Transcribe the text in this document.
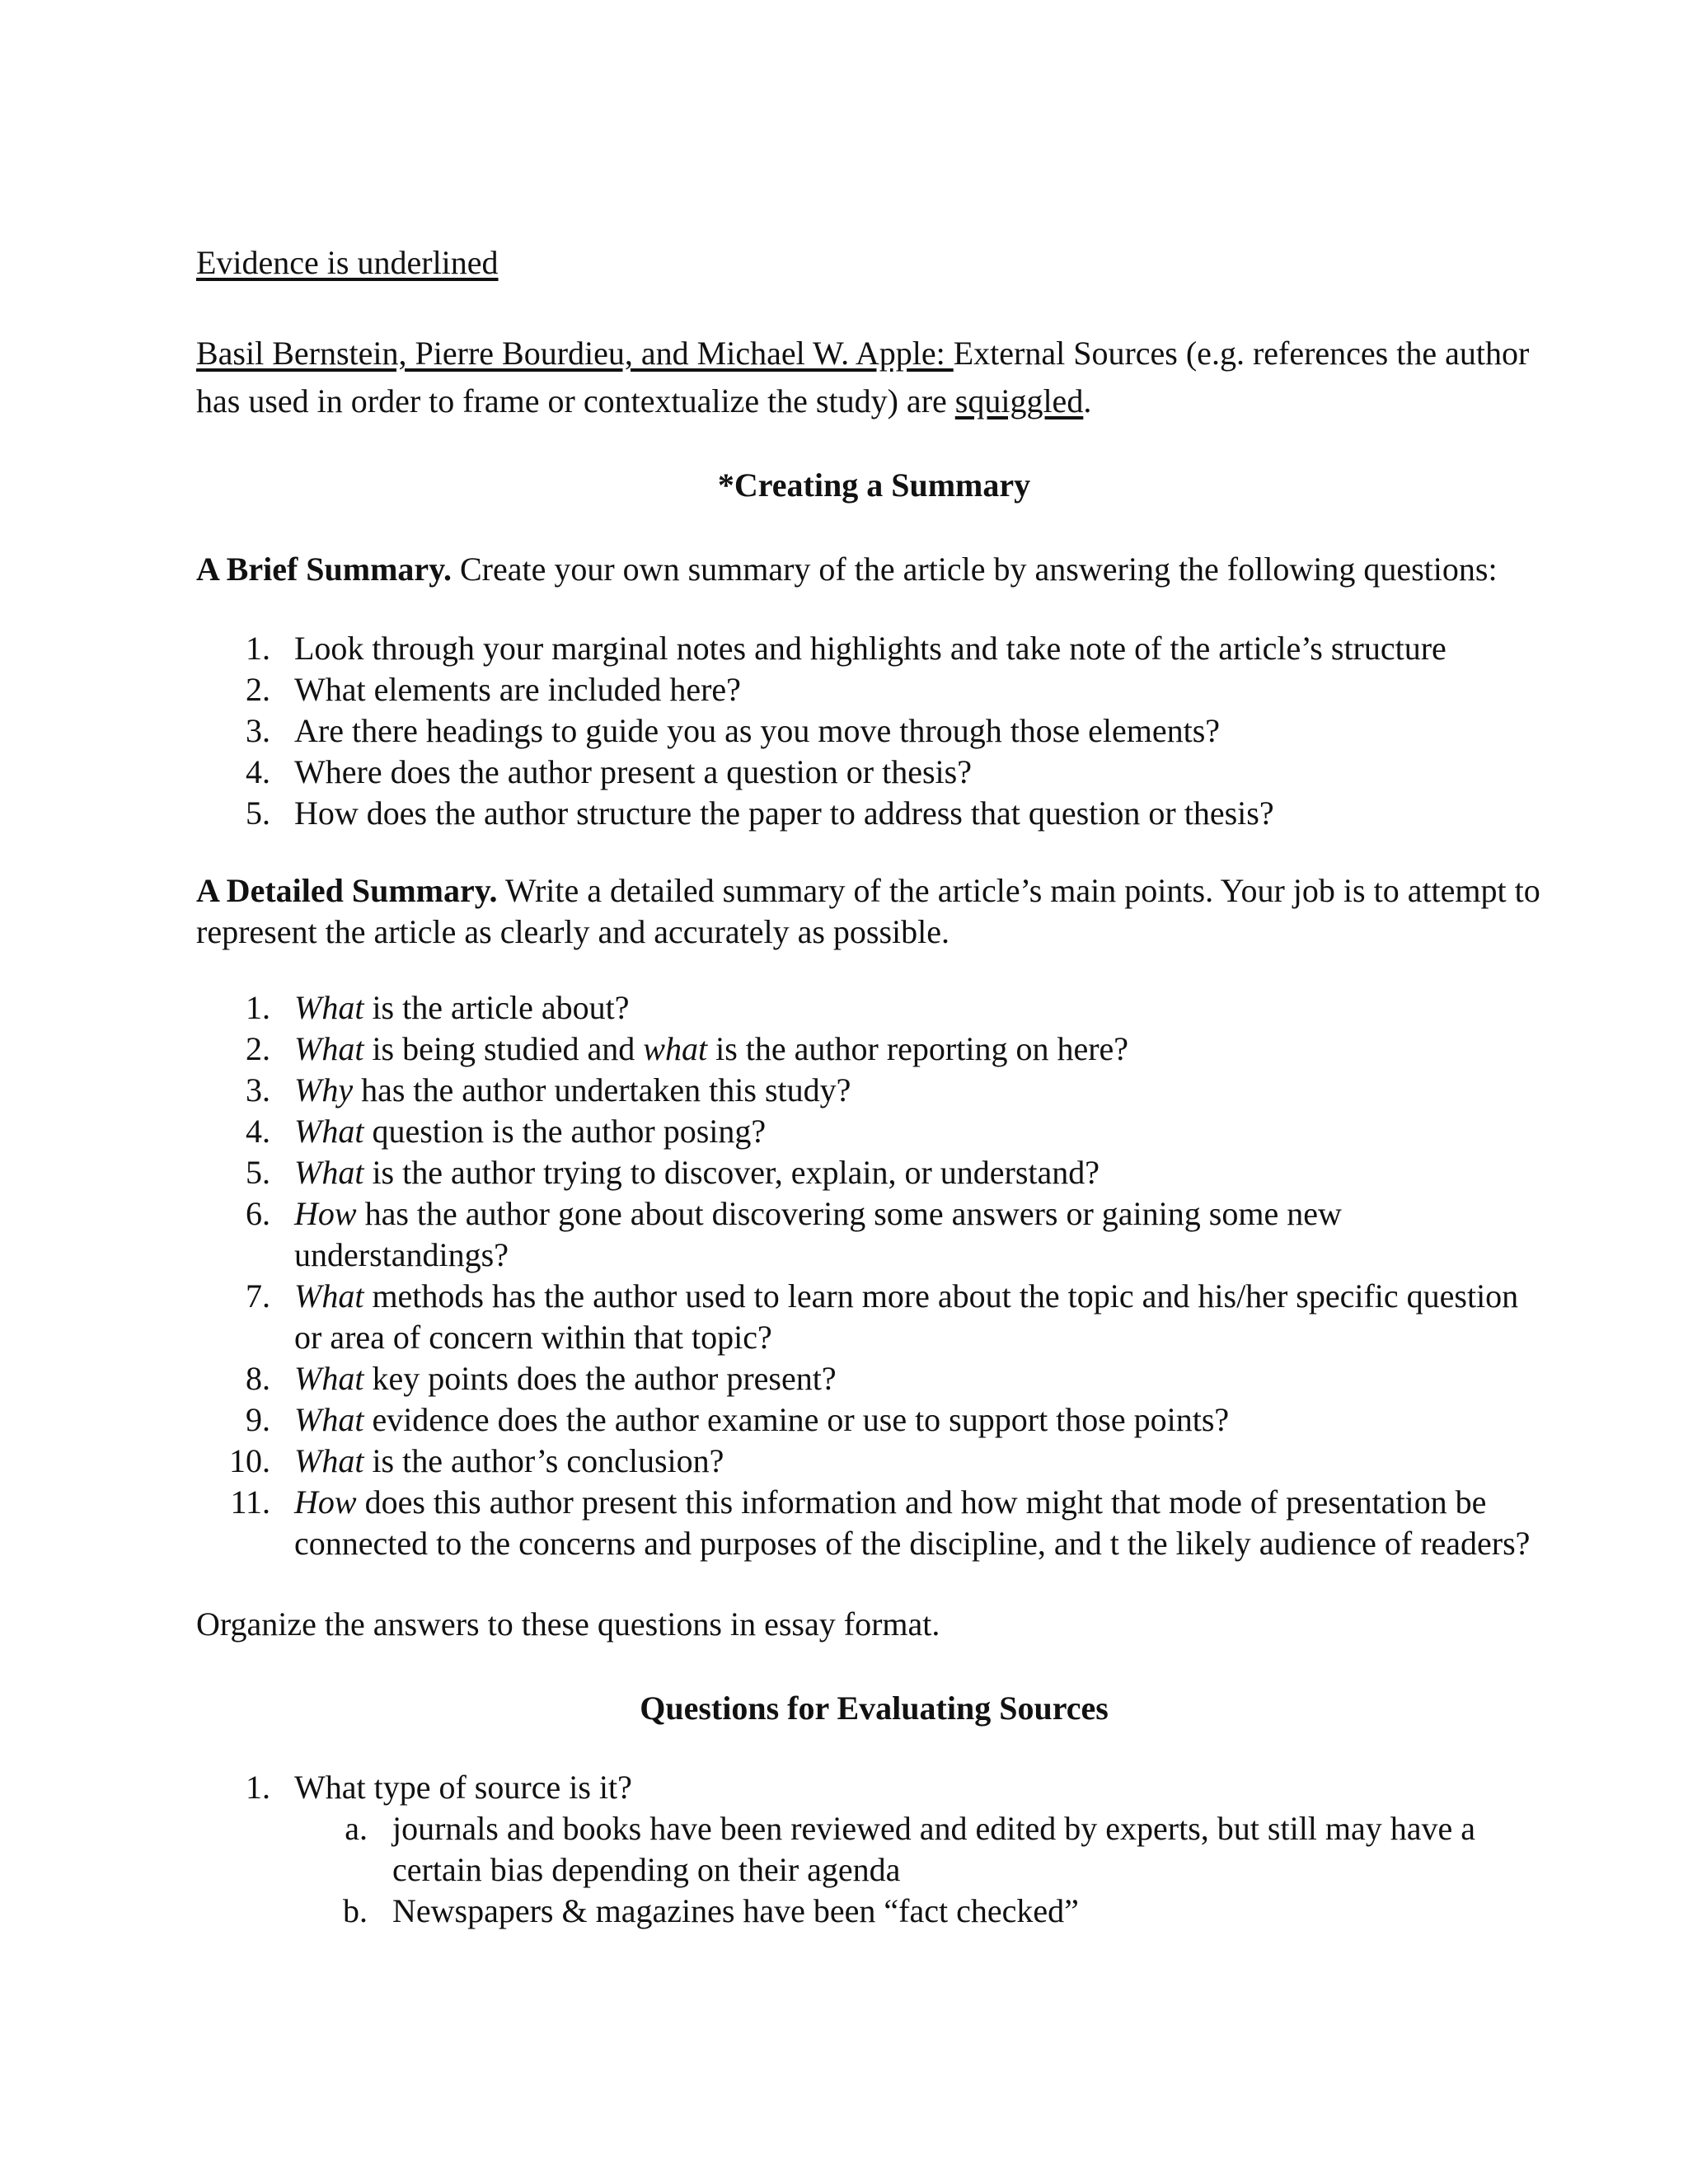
Evidence is underlined

Basil Bernstein, Pierre Bourdieu, and Michael W. Apple: External Sources (e.g. references the author has used in order to frame or contextualize the study) are squiggled.

*Creating a Summary

A Brief Summary. Create your own summary of the article by answering the following questions:

1. Look through your marginal notes and highlights and take note of the article’s structure
2. What elements are included here?
3. Are there headings to guide you as you move through those elements?
4. Where does the author present a question or thesis?
5. How does the author structure the paper to address that question or thesis?

A Detailed Summary. Write a detailed summary of the article’s main points. Your job is to attempt to represent the article as clearly and accurately as possible.

1. What is the article about?
2. What is being studied and what is the author reporting on here?
3. Why has the author undertaken this study?
4. What question is the author posing?
5. What is the author trying to discover, explain, or understand?
6. How has the author gone about discovering some answers or gaining some new understandings?
7. What methods has the author used to learn more about the topic and his/her specific question or area of concern within that topic?
8. What key points does the author present?
9. What evidence does the author examine or use to support those points?
10. What is the author’s conclusion?
11. How does this author present this information and how might that mode of presentation be connected to the concerns and purposes of the discipline, and t the likely audience of readers?

Organize the answers to these questions in essay format.

Questions for Evaluating Sources

1. What type of source is it?
a. journals and books have been reviewed and edited by experts, but still may have a certain bias depending on their agenda
b. Newspapers & magazines have been “fact checked”
